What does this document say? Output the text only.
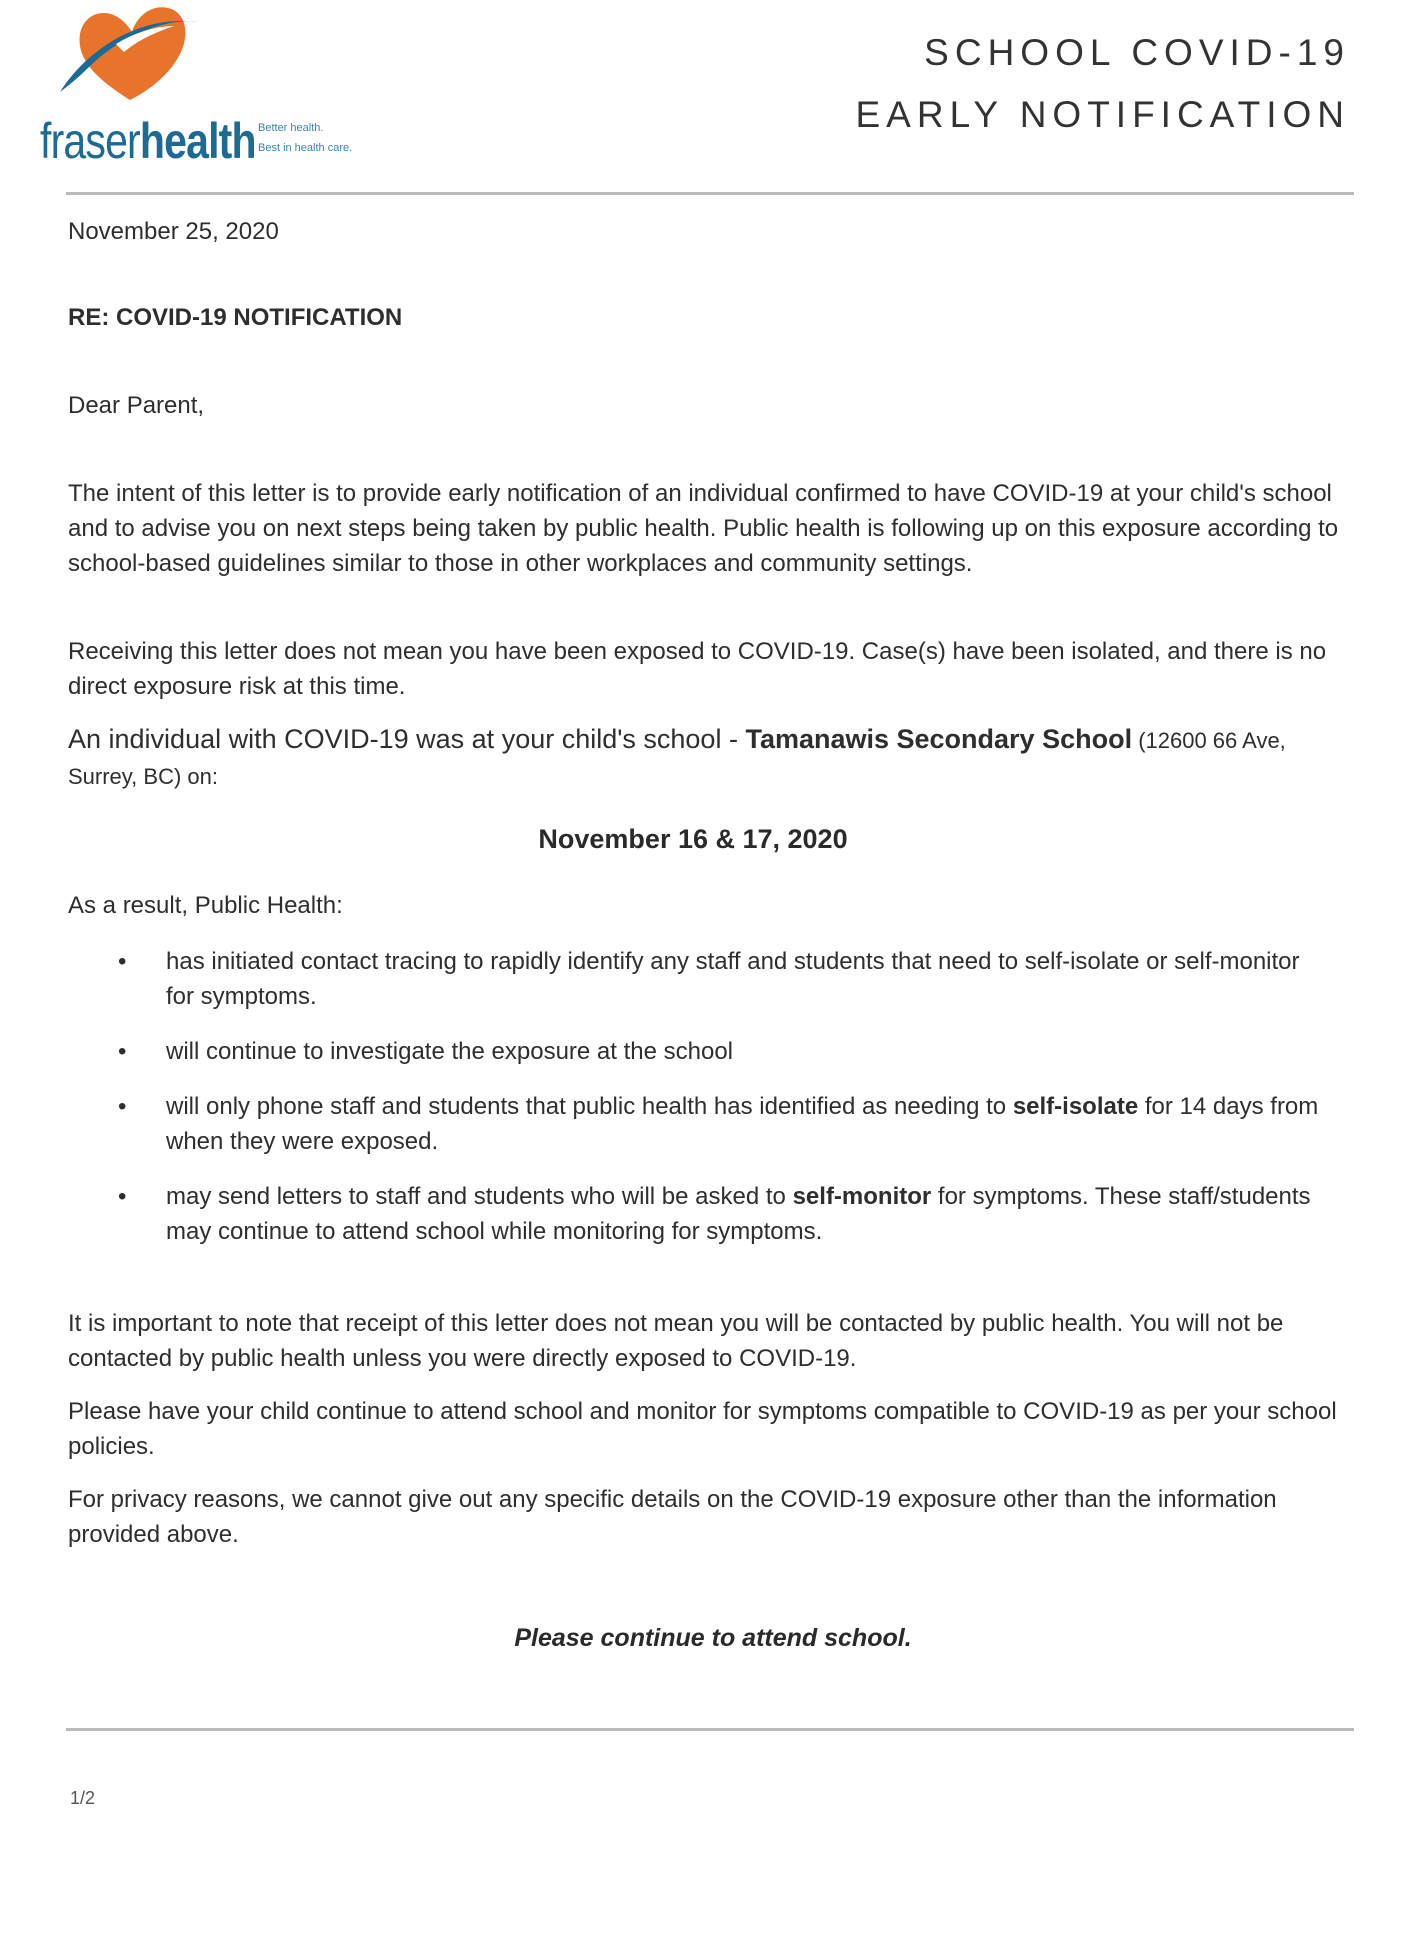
fraserhealth Better health.
Best in health care.
SCHOOL COVID-19
EARLY NOTIFICATION
November 25, 2020
RE: COVID-19 NOTIFICATION
Dear Parent,
The intent of this letter is to provide early notification of an individual confirmed to have COVID-19 at your child's school and to advise you on next steps being taken by public health. Public health is following up on this exposure according to school-based guidelines similar to those in other workplaces and community settings.
Receiving this letter does not mean you have been exposed to COVID-19. Case(s) have been isolated, and there is no direct exposure risk at this time.
An individual with COVID-19 was at your child's school - Tamanawis Secondary School (12600 66 Ave, Surrey, BC) on:
November 16 & 17, 2020
As a result, Public Health:
• has initiated contact tracing to rapidly identify any staff and students that need to self-isolate or self-monitor for symptoms.
• will continue to investigate the exposure at the school
• will only phone staff and students that public health has identified as needing to self-isolate for 14 days from when they were exposed.
• may send letters to staff and students who will be asked to self-monitor for symptoms. These staff/students may continue to attend school while monitoring for symptoms.
It is important to note that receipt of this letter does not mean you will be contacted by public health. You will not be contacted by public health unless you were directly exposed to COVID-19.
Please have your child continue to attend school and monitor for symptoms compatible to COVID-19 as per your school policies.
For privacy reasons, we cannot give out any specific details on the COVID-19 exposure other than the information provided above.
Please continue to attend school.
1/2
